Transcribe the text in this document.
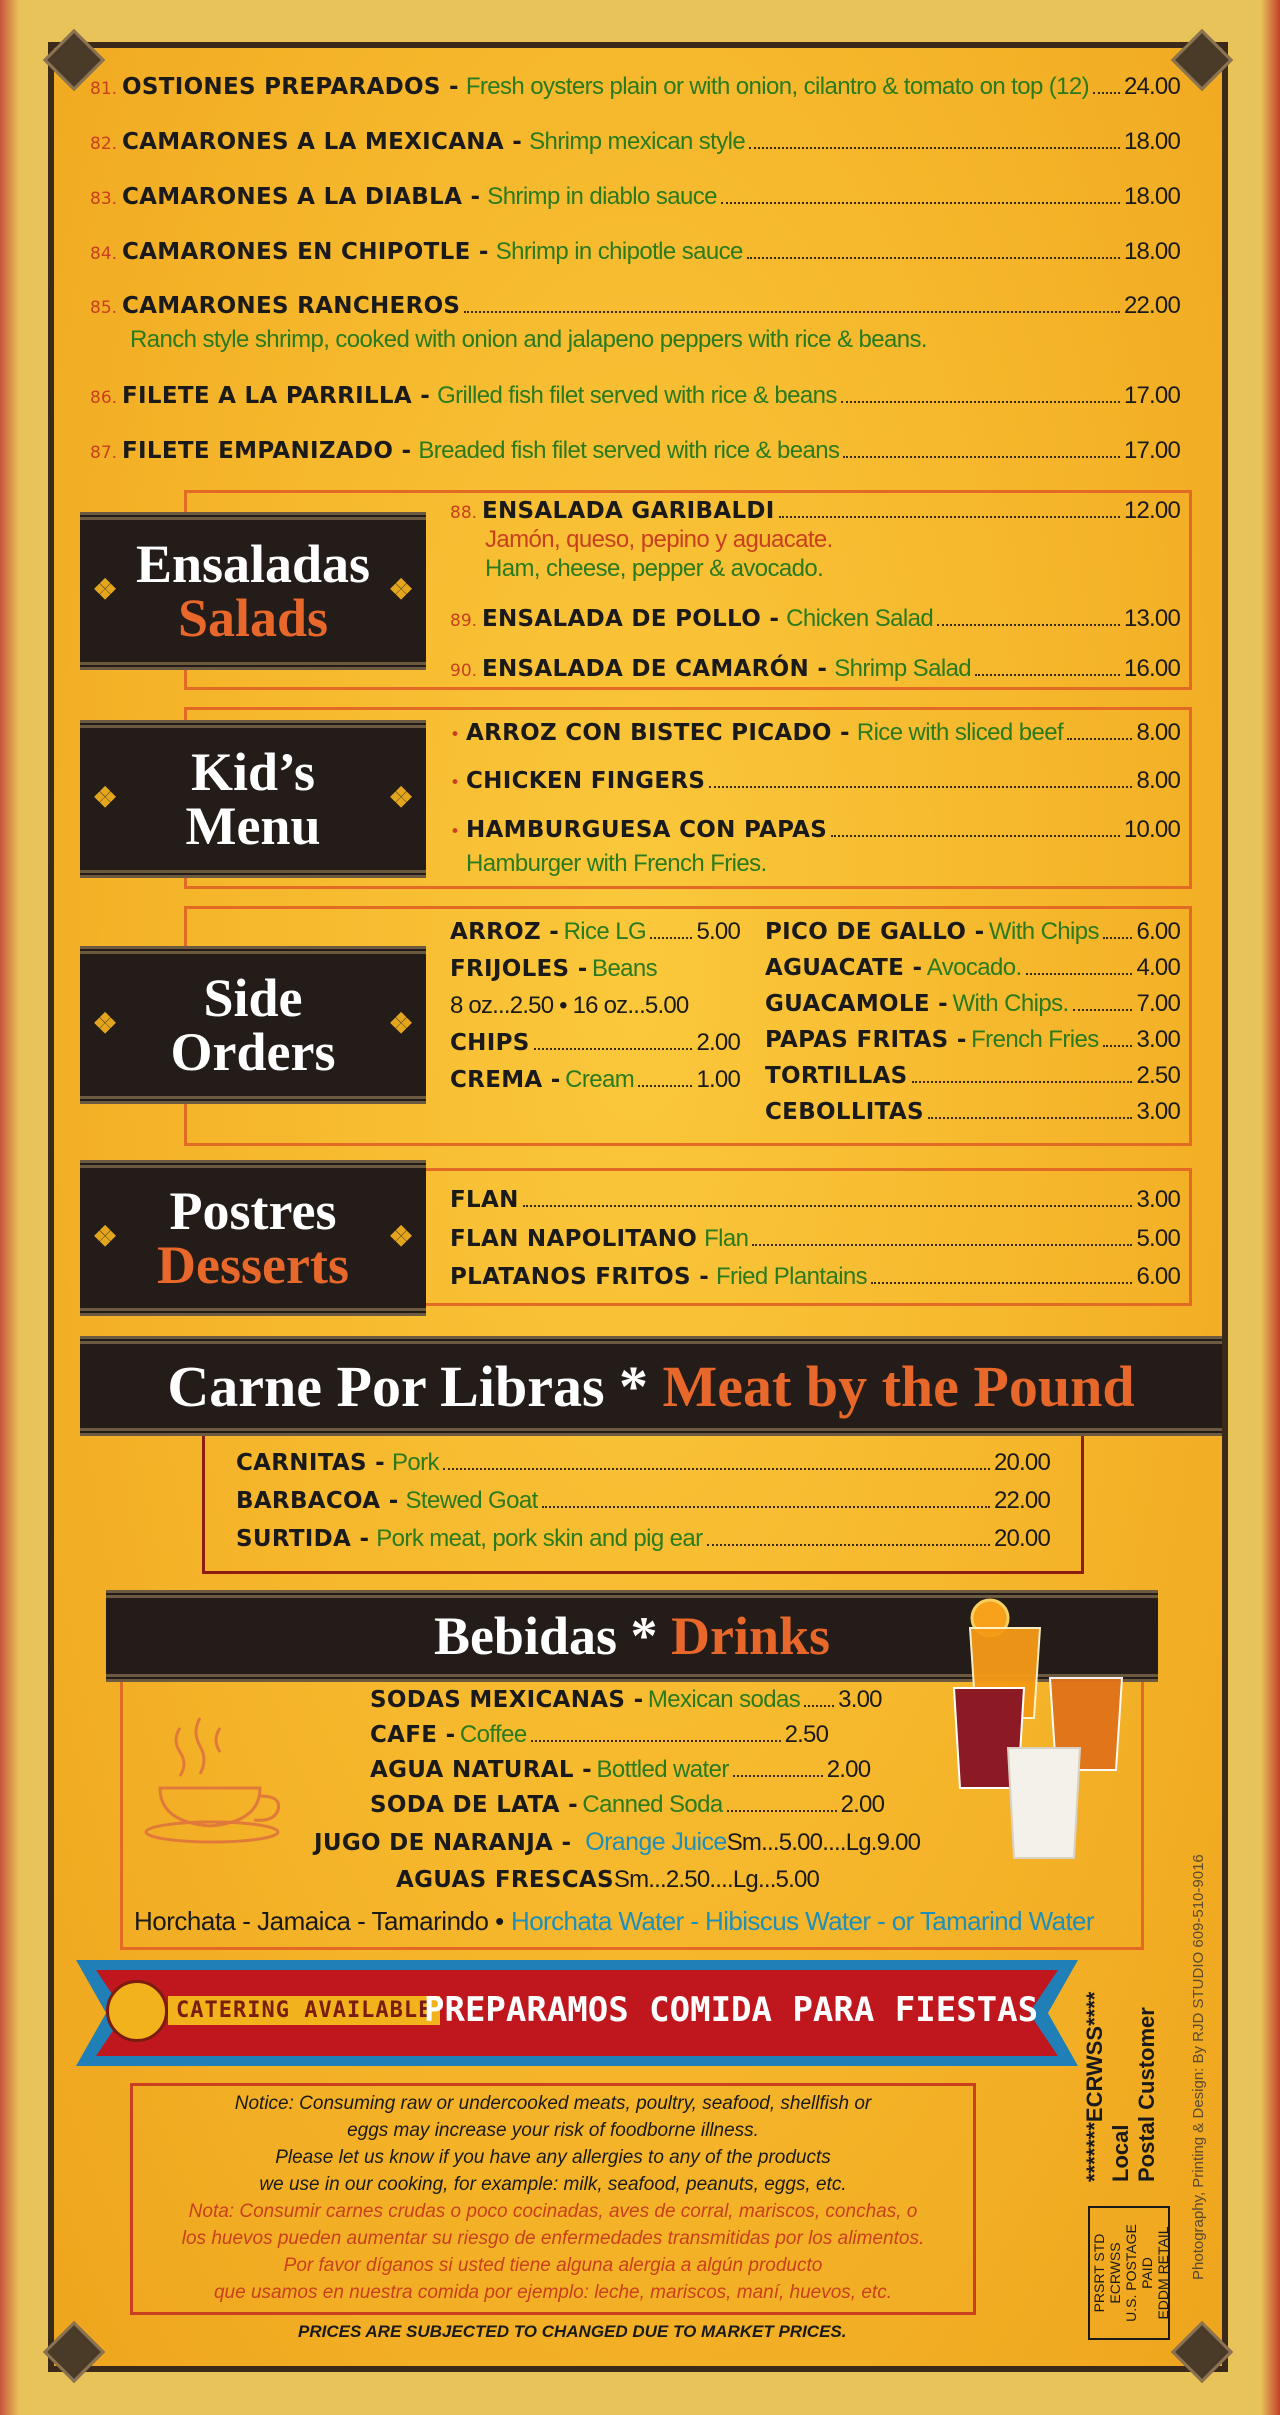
81. OSTIONES PREPARADOS -
Fresh oysters plain or with onion, cilantro & tomato on top (12) 24.00
82. CAMARONES A LA MEXICANA -
Shrimp mexican style	18.00
83. CAMARONES A LA DIABLA -
Shrimp in diablo sauce	18.00
84. CAMARONES EN CHIPOTLE -
Shrimp in chipotle sauce	18.00
85. CAMARONES RANCHEROS	22.00
Ranch style shrimp, cooked with onion and jalapeno peppers with rice & beans.
86. FILETE A LA PARRILLA -
Grilled fish filet served with rice & beans	17.00
87. FILETE EMPANIZADO -
Breaded fish filet served with rice & beans	17.00
❖ Ensaladas
Salads ❖
88. ENSALADA GARIBALDI	12.00
Jamón, queso, pepino y aguacate.
Ham, cheese, pepper & avocado.
89. ENSALADA DE POLLO -
Chicken Salad	13.00
90. ENSALADA DE CAMARÓN -
Shrimp Salad	16.00
❖ Kid’s
Menu ❖
• ARROZ CON BISTEC PICADO -
Rice with sliced beef	8.00
• CHICKEN FINGERS	8.00
• HAMBURGUESA CON PAPAS	10.00
Hamburger with French Fries.
❖ Side
Orders ❖
ARROZ -
Rice LG 5.00
FRIJOLES -
Beans
8 oz...2.50 • 16 oz...5.00
CHIPS	2.00
CREMA -
Cream	1.00
PICO DE GALLO -
With Chips 6.00
AGUACATE -
Avocado.	4.00
GUACAMOLE -
With Chips.	7.00
PAPAS FRITAS -
French Fries 3.00
TORTILLAS	2.50
CEBOLLITAS	3.00
❖ Postres
Desserts ❖
FLAN	3.00
FLAN NAPOLITANO
Flan	5.00
PLATANOS FRITOS -
Fried Plantains	6.00
Carne Por Libras *
Meat by the Pound
CARNITAS -
Pork	20.00
BARBACOA -
Stewed Goat	22.00
SURTIDA -
Pork meat, pork skin and pig ear	20.00
Bebidas *
Drinks
SODAS MEXICANAS -
Mexican sodas 3.00
CAFE -
Coffee	2.50
AGUA NATURAL -
Bottled water	2.00
SODA DE LATA -
Canned Soda	2.00
JUGO DE NARANJA -
Orange Juice Sm...5.00....Lg.9.00
AGUAS FRESCAS Sm...2.50....Lg...5.00
Horchata - Jamaica - Tamarindo •
Horchata Water - Hibiscus Water - or Tamarind Water
CATERING AVAILABLE
PREPARAMOS COMIDA PARA FIESTAS
Notice: Consuming raw or undercooked meats, poultry, seafood, shellfish or
eggs may increase your risk of foodborne illness.
Please let us know if you have any allergies to any of the products
we use in our cooking, for example: milk, seafood, peanuts, eggs, etc.
Nota: Consumir carnes crudas o poco cocinadas, aves de corral, mariscos, conchas, o
los huevos pueden aumentar su riesgo de enfermedades transmitidas por los alimentos.
Por favor díganos si usted tiene alguna alergia a algún producto
que usamos en nuestra comida por ejemplo: leche, mariscos, maní, huevos, etc.
PRICES ARE SUBJECTED TO CHANGED DUE TO MARKET PRICES.
*******ECRWSS**** Local Postal Customer
PRSRT STD ECRWSS U.S. POSTAGE PAID EDDM RETAIL Photography, Printing & Design: By RJD STUDIO 609-510-9016
